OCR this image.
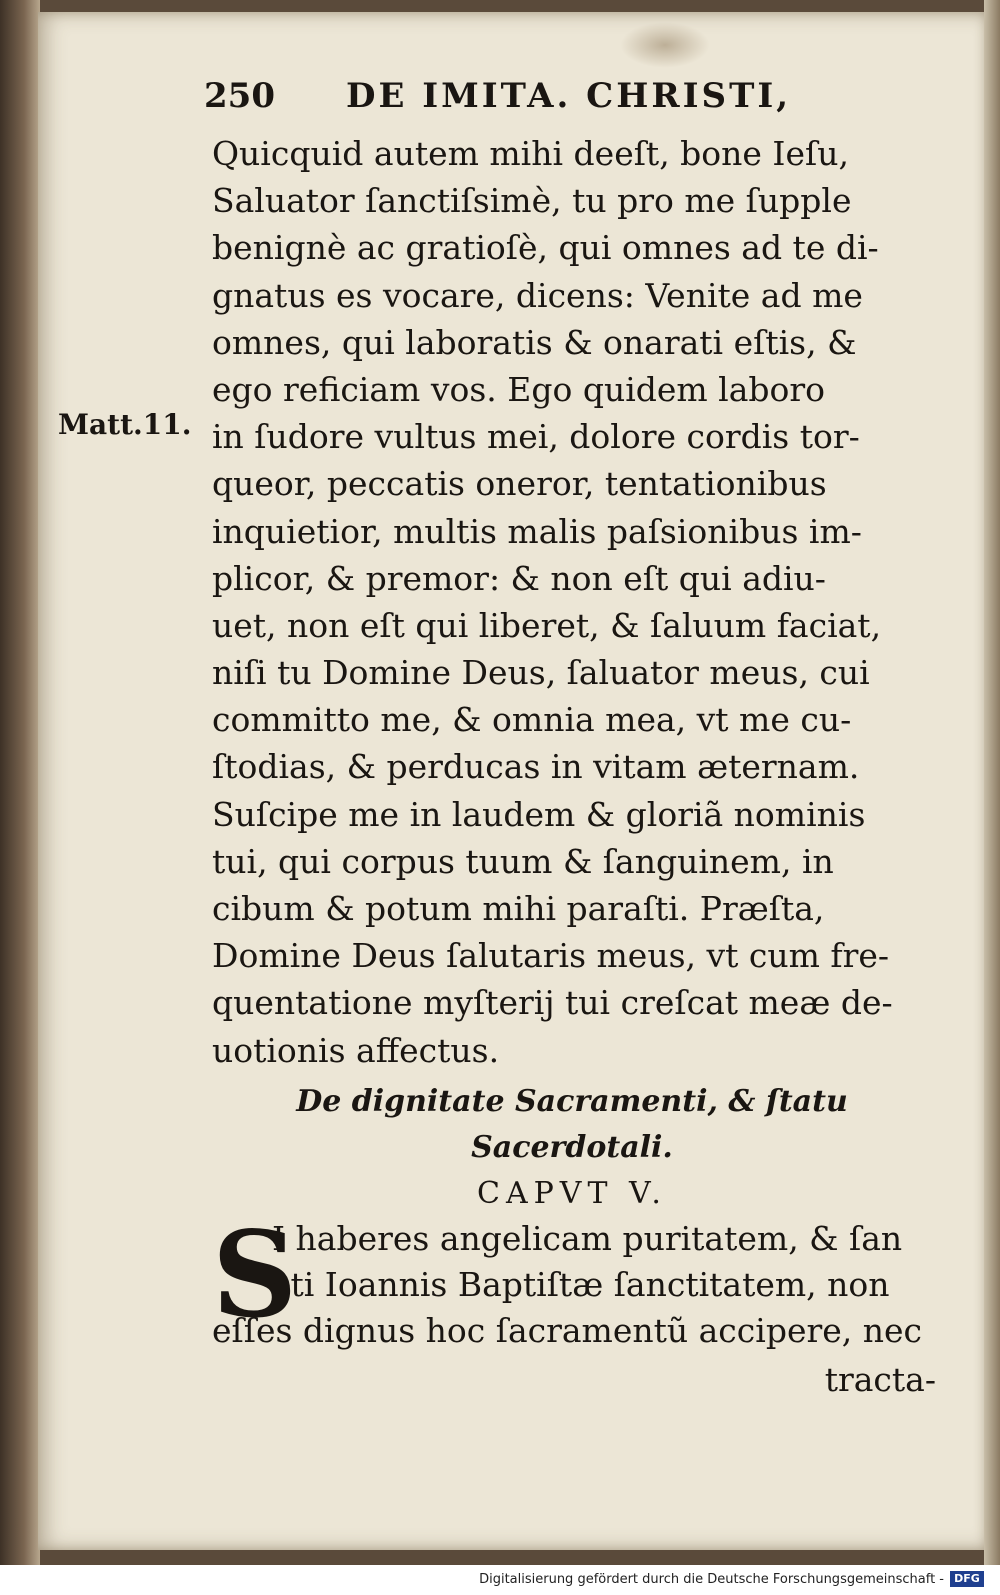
250 DE IMITA. CHRISTI,
Matt.11.
Quicquid autem mihi deeſt, bone Ieſu,
Saluator ſanctiſsimè, tu pro me ſupple
benignè ac gratioſè, qui omnes ad te di-
gnatus es vocare, dicens: Venite ad me
omnes, qui laboratis & onarati eſtis, &
ego reficiam vos. Ego quidem laboro
in ſudore vultus mei, dolore cordis tor-
queor, peccatis oneror, tentationibus
inquietior, multis malis paſsionibus im-
plicor, & premor: & non eſt qui adiu-
uet, non eſt qui liberet, & ſaluum faciat,
niſi tu Domine Deus, ſaluator meus, cui
committo me, & omnia mea, vt me cu-
ſtodias, & perducas in vitam æternam.
Suſcipe me in laudem & gloriã nominis
tui, qui corpus tuum & ſanguinem, in
cibum & potum mihi paraſti. Præſta,
Domine Deus ſalutaris meus, vt cum fre-
quentatione myſterij tui creſcat meæ de-
uotionis affectus.
De dignitate Sacramenti, & ſtatu
Sacerdotali.
CAPVT V.
S
I haberes angelicam puritatem, & ſan
cti Ioannis Baptiſtæ ſanctitatem, non
eſſes dignus hoc ſacramentũ accipere, nec
tracta-
Digitalisierung gefördert durch die Deutsche Forschungsgemeinschaft - DFG
